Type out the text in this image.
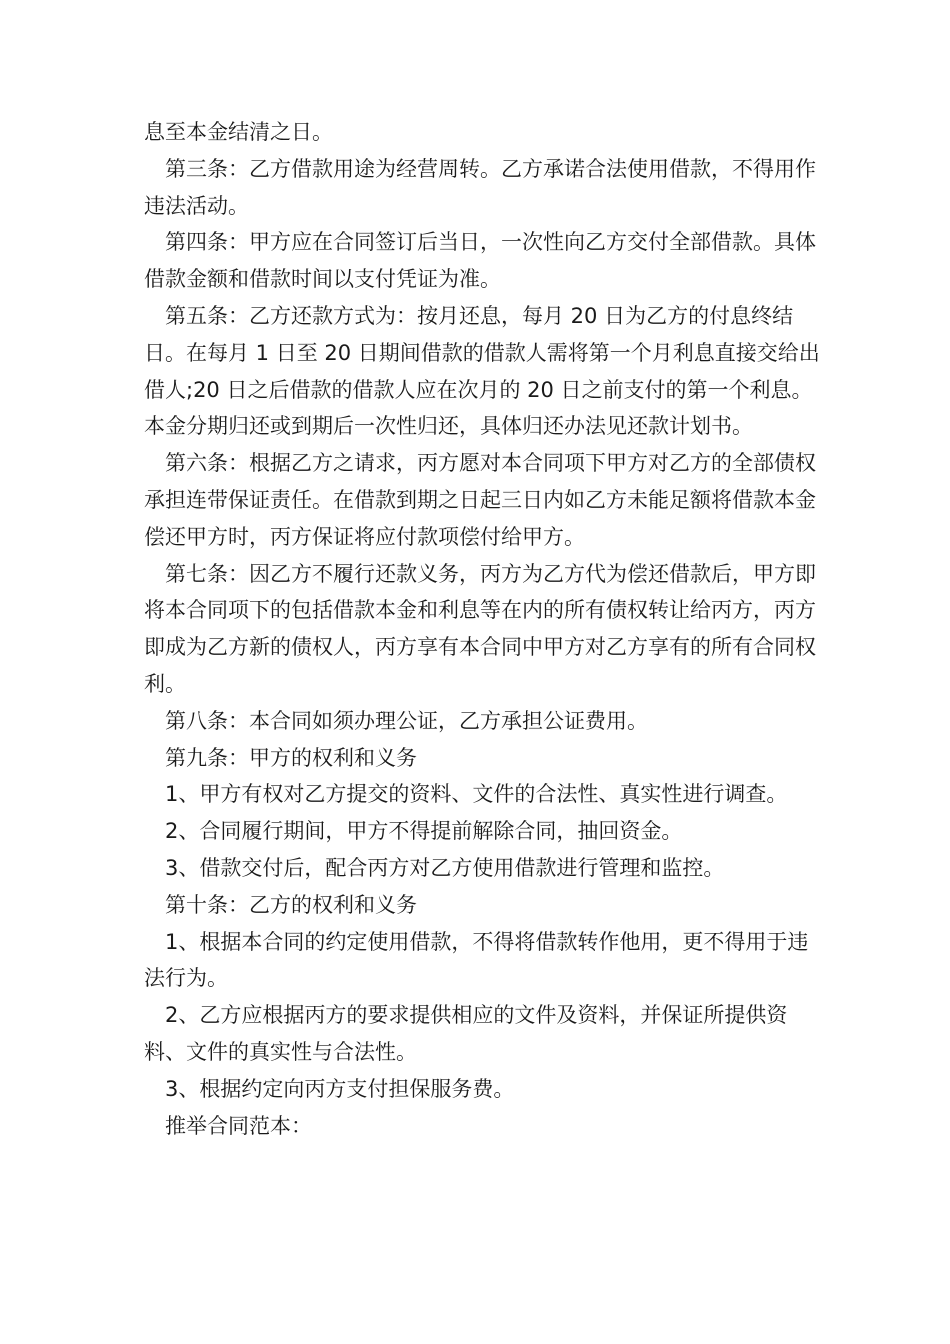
息至本金结清之日。

第三条：乙方借款用途为经营周转。乙方承诺合法使用借款，不得用作违法活动。

第四条：甲方应在合同签订后当日，一次性向乙方交付全部借款。具体借款金额和借款时间以支付凭证为准。

第五条：乙方还款方式为：按月还息，每月 20 日为乙方的付息终结日。在每月 1 日至 20 日期间借款的借款人需将第一个月利息直接交给出借人;20 日之后借款的借款人应在次月的 20 日之前支付的第一个利息。本金分期归还或到期后一次性归还，具体归还办法见还款计划书。

第六条：根据乙方之请求，丙方愿对本合同项下甲方对乙方的全部债权承担连带保证责任。在借款到期之日起三日内如乙方未能足额将借款本金偿还甲方时，丙方保证将应付款项偿付给甲方。

第七条：因乙方不履行还款义务，丙方为乙方代为偿还借款后，甲方即将本合同项下的包括借款本金和利息等在内的所有债权转让给丙方，丙方即成为乙方新的债权人，丙方享有本合同中甲方对乙方享有的所有合同权利。

第八条：本合同如须办理公证，乙方承担公证费用。

第九条：甲方的权利和义务

1、甲方有权对乙方提交的资料、文件的合法性、真实性进行调查。

2、合同履行期间，甲方不得提前解除合同，抽回资金。

3、借款交付后，配合丙方对乙方使用借款进行管理和监控。

第十条：乙方的权利和义务

1、根据本合同的约定使用借款，不得将借款转作他用，更不得用于违法行为。

2、乙方应根据丙方的要求提供相应的文件及资料，并保证所提供资料、文件的真实性与合法性。

3、根据约定向丙方支付担保服务费。

推举合同范本：
